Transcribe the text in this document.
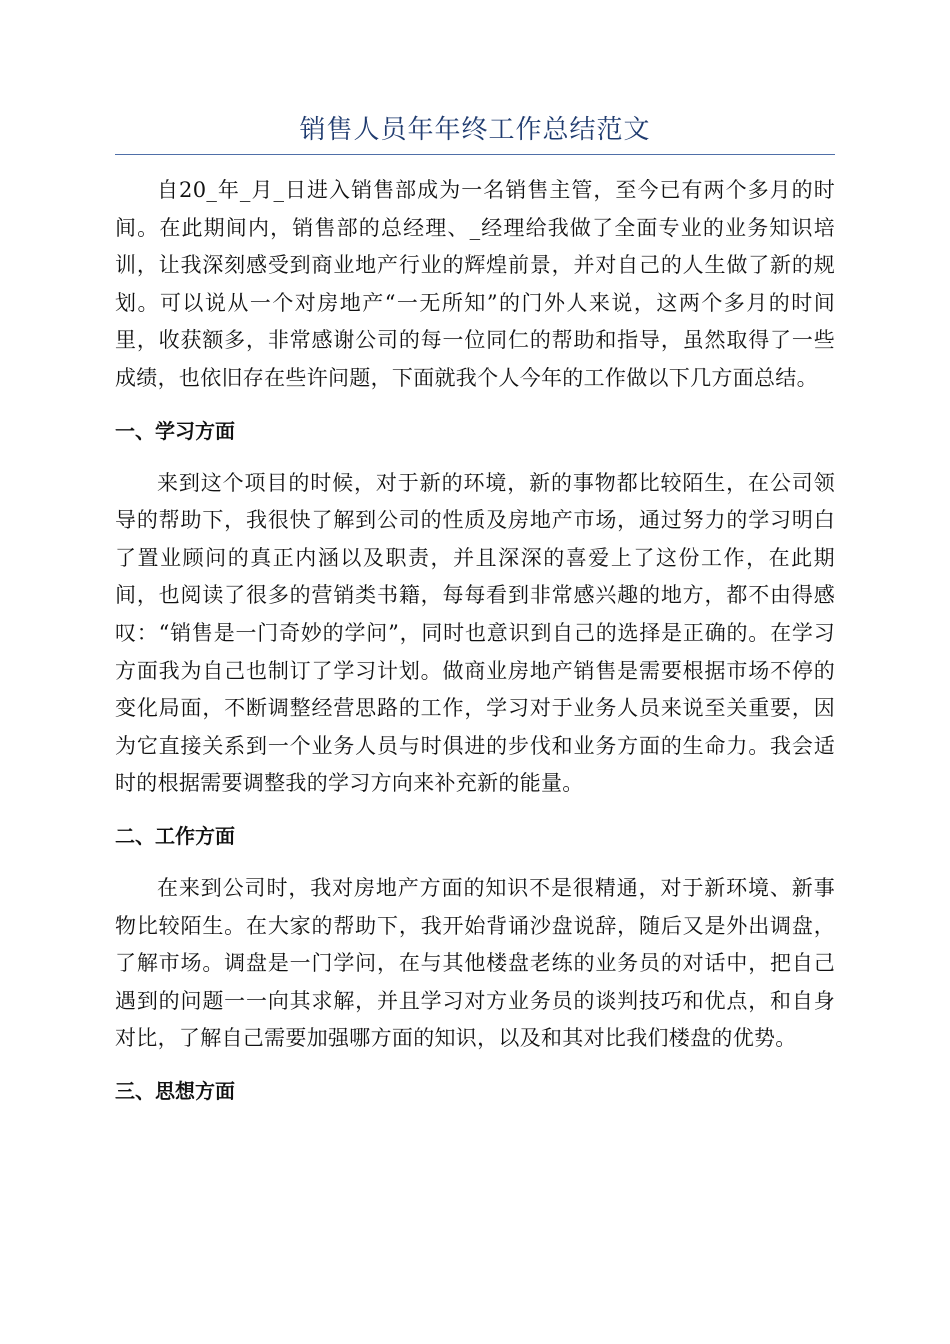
销售人员年年终工作总结范文

自20_年_月_日进入销售部成为一名销售主管，至今已有两个多月的时间。在此期间内，销售部的总经理、_经理给我做了全面专业的业务知识培训，让我深刻感受到商业地产行业的辉煌前景，并对自己的人生做了新的规划。可以说从一个对房地产“一无所知”的门外人来说，这两个多月的时间里，收获额多，非常感谢公司的每一位同仁的帮助和指导，虽然取得了一些成绩，也依旧存在些许问题，下面就我个人今年的工作做以下几方面总结。

一、学习方面

来到这个项目的时候，对于新的环境，新的事物都比较陌生，在公司领导的帮助下，我很快了解到公司的性质及房地产市场，通过努力的学习明白了置业顾问的真正内涵以及职责，并且深深的喜爱上了这份工作，在此期间，也阅读了很多的营销类书籍，每每看到非常感兴趣的地方，都不由得感叹：“销售是一门奇妙的学问”，同时也意识到自己的选择是正确的。在学习方面我为自己也制订了学习计划。做商业房地产销售是需要根据市场不停的变化局面，不断调整经营思路的工作，学习对于业务人员来说至关重要，因为它直接关系到一个业务人员与时俱进的步伐和业务方面的生命力。我会适时的根据需要调整我的学习方向来补充新的能量。

二、工作方面

在来到公司时，我对房地产方面的知识不是很精通，对于新环境、新事物比较陌生。在大家的帮助下，我开始背诵沙盘说辞，随后又是外出调盘，了解市场。调盘是一门学问，在与其他楼盘老练的业务员的对话中，把自己遇到的问题一一向其求解，并且学习对方业务员的谈判技巧和优点，和自身对比，了解自己需要加强哪方面的知识，以及和其对比我们楼盘的优势。

三、思想方面
